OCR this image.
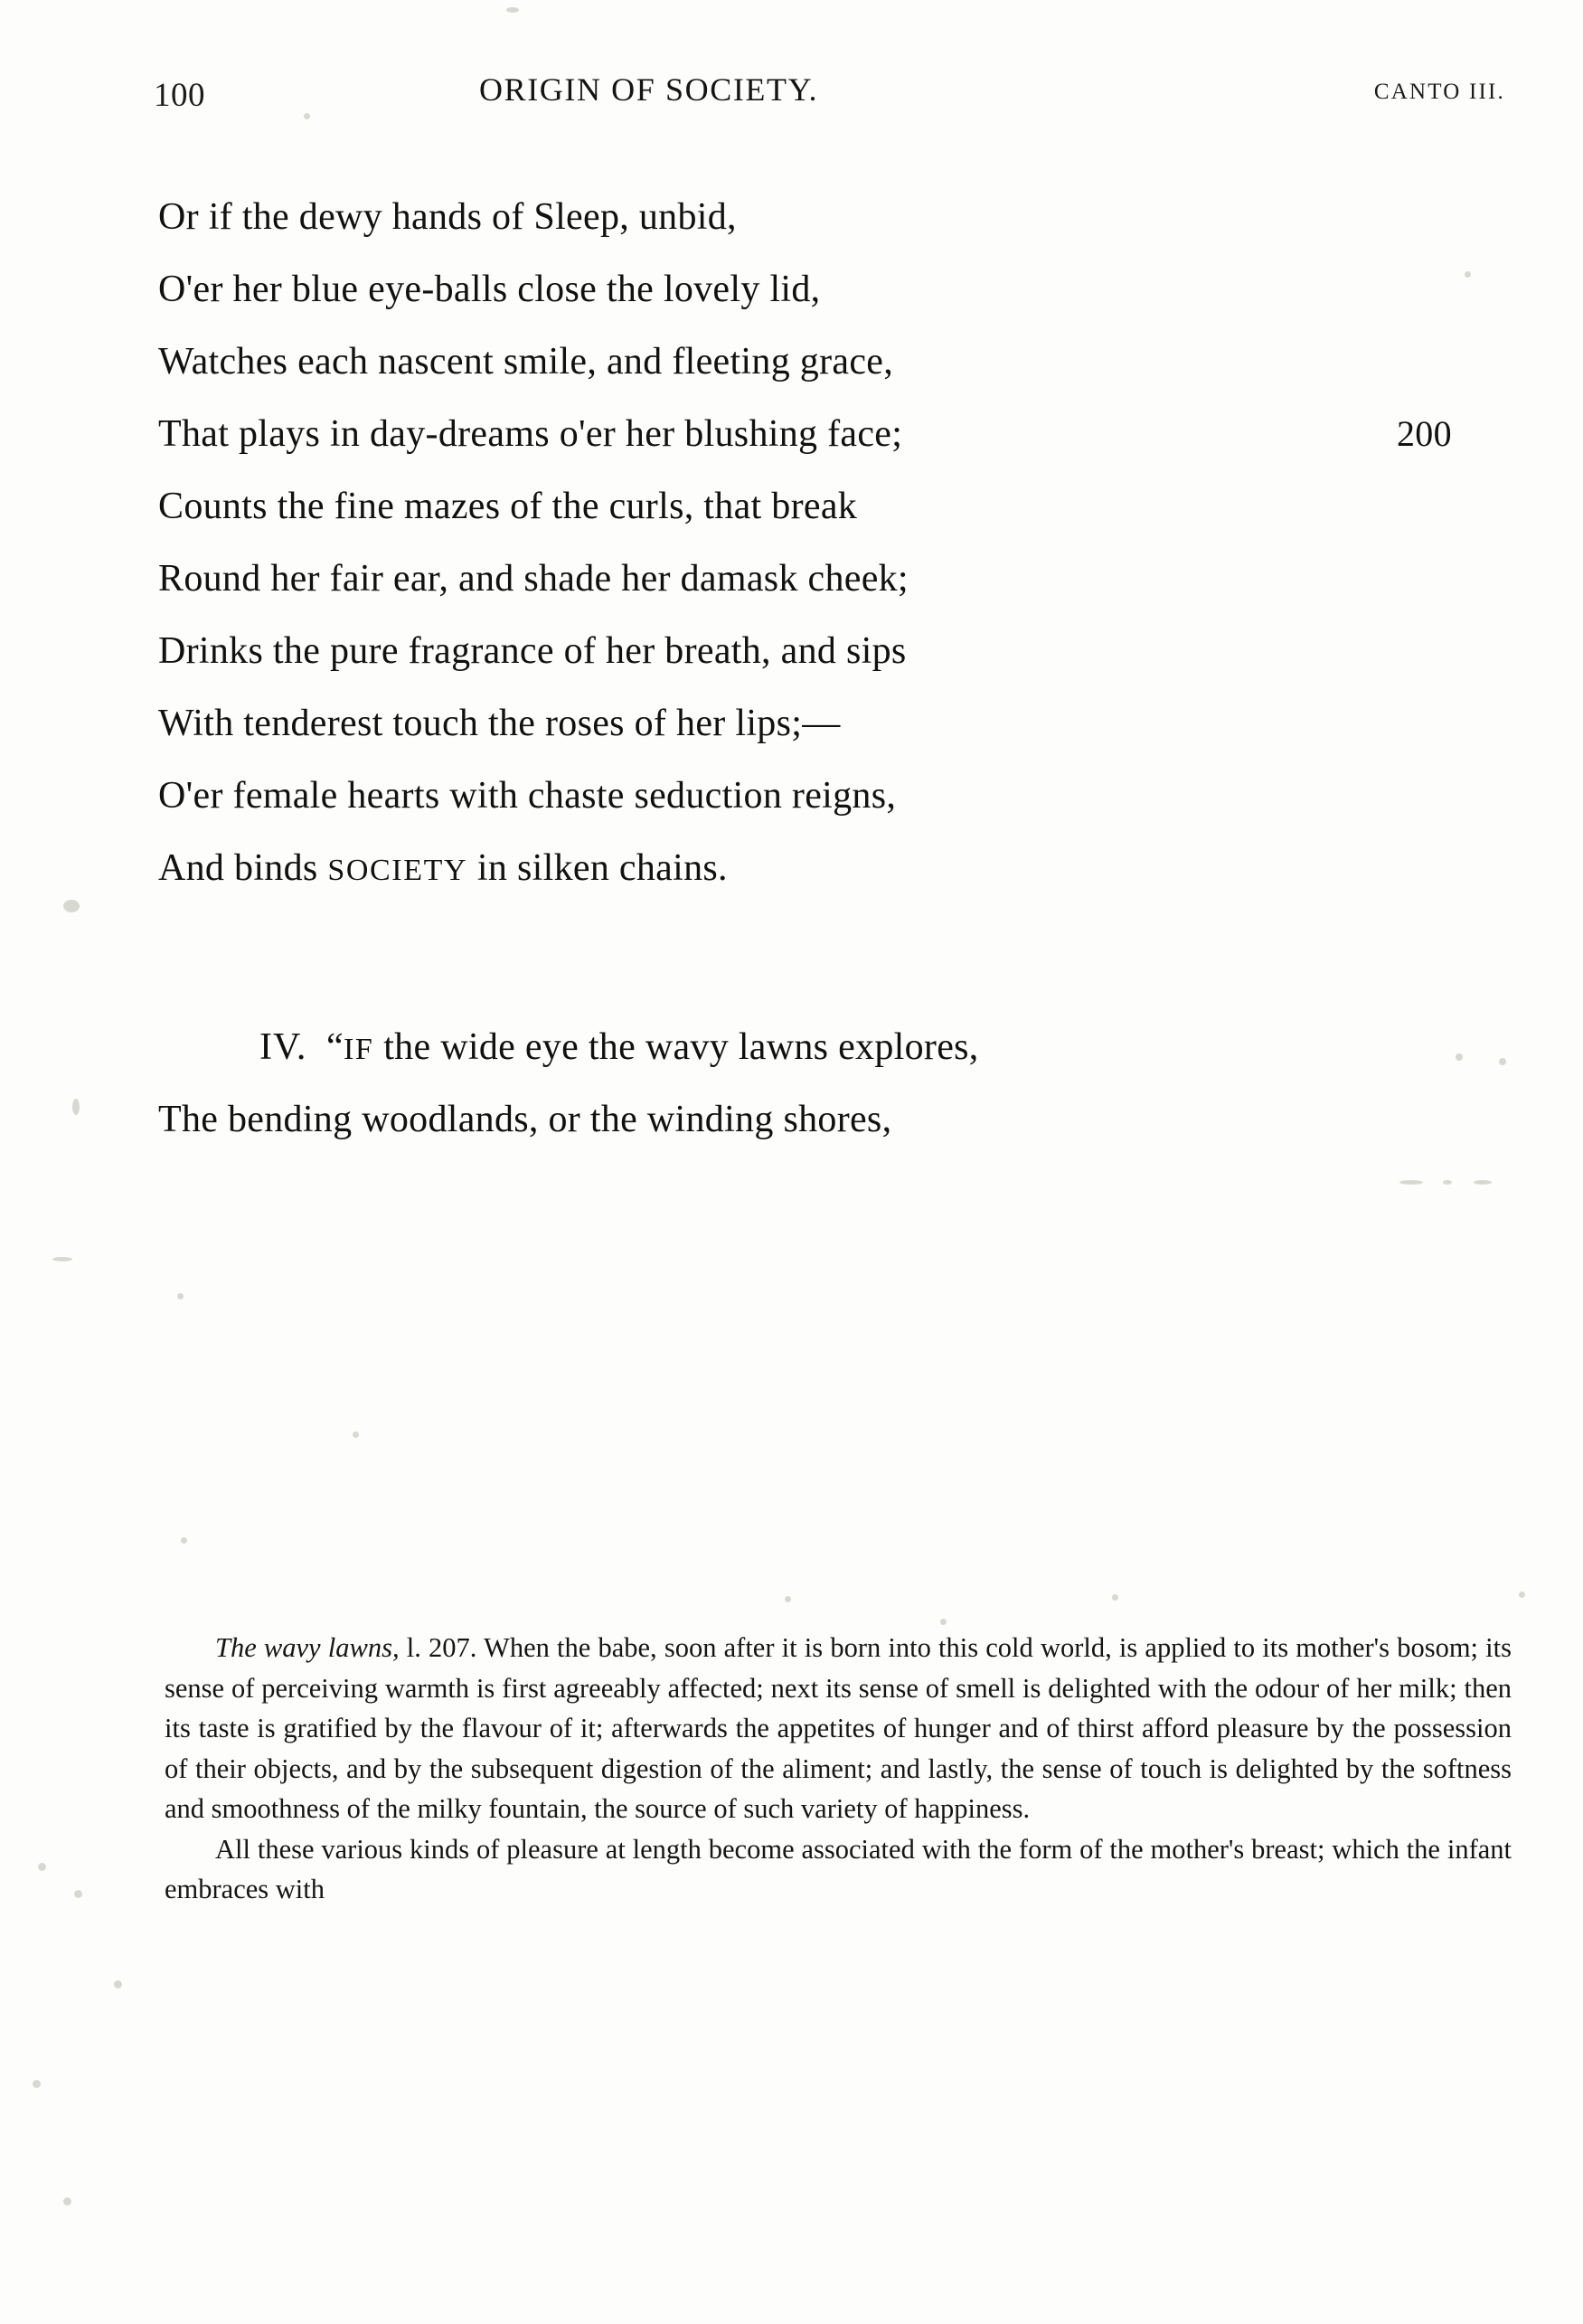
100	ORIGIN OF SOCIETY.	CANTO III.
Or if the dewy hands of Sleep, unbid,
O'er her blue eye-balls close the lovely lid,
Watches each nascent smile, and fleeting grace,
That plays in day-dreams o'er her blushing face;	200
Counts the fine mazes of the curls, that break
Round her fair ear, and shade her damask cheek;
Drinks the pure fragrance of her breath, and sips
With tenderest touch the roses of her lips;—
O'er female hearts with chaste seduction reigns,
And binds SOCIETY in silken chains.
IV. “IF the wide eye the wavy lawns explores,
The bending woodlands, or the winding shores,

The wavy lawns, l. 207. When the babe, soon after it is born into this cold world, is applied to its mother's bosom; its sense of perceiving warmth is first agreeably affected; next its sense of smell is delighted with the odour of her milk; then its taste is gratified by the flavour of it; afterwards the appetites of hunger and of thirst afford pleasure by the possession of their objects, and by the subsequent digestion of the aliment; and lastly, the sense of touch is delighted by the softness and smoothness of the milky fountain, the source of such variety of happiness.

All these various kinds of pleasure at length become associated with the form of the mother's breast; which the infant embraces with
